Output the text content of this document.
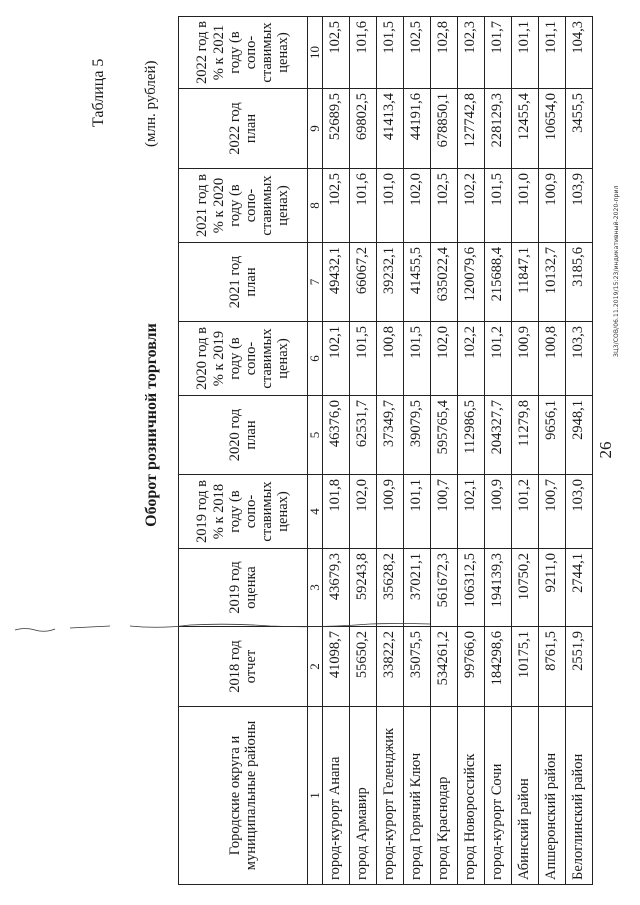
26
Таблица 5 (млн. рублей)
Оборот розничной торговли
Городские округа и муниципальные районы	2018 год отчет	2019 год оценка	2019 год в % к 2018 году (в сопо-ставимых ценах)	2020 год план	2020 год в % к 2019 году (в сопо-ставимых ценах)	2021 год план	2021 год в % к 2020 году (в сопо-ставимых ценах)	2022 год план	2022 год в % к 2021 году (в сопо-ставимых ценах)
1	2	3	4	5	6	7	8	9	10
город-курорт Анапа	41098,7	43679,3	101,8	46376,0	102,1	49432,1	102,5	52689,5	102,5
город Армавир	55650,2	59243,8	102,0	62531,7	101,5	66067,2	101,6	69802,5	101,6
город-курорт Геленджик	33822,2	35628,2	100,9	37349,7	100,8	39232,1	101,0	41413,4	101,5
город Горячий Ключ	35075,5	37021,1	101,1	39079,5	101,5	41455,5	102,0	44191,6	102,5
город Краснодар	534261,2	561672,3	100,7	595765,4	102,0	635022,4	102,5	678850,1	102,8
город Новороссийск	99766,0	106312,5	102,1	112986,5	102,2	120079,6	102,2	127742,8	102,3
город-курорт Сочи	184298,6	194139,3	100,9	204327,7	101,2	215688,4	101,5	228129,3	101,7
Абинский район	10175,1	10750,2	101,2	11279,8	100,9	11847,1	101,0	12455,4	101,1
Апшеронский район	8761,5	9211,0	100,7	9656,1	100,8	10132,7	100,9	10654,0	101,1
Белоглинский район	2551,9	2744,1	103,0	2948,1	103,3	3185,6	103,9	3455,5	104,3
ЗЦ3/СОВ/06.11.2019/15:23/индикативный-2020-прил
